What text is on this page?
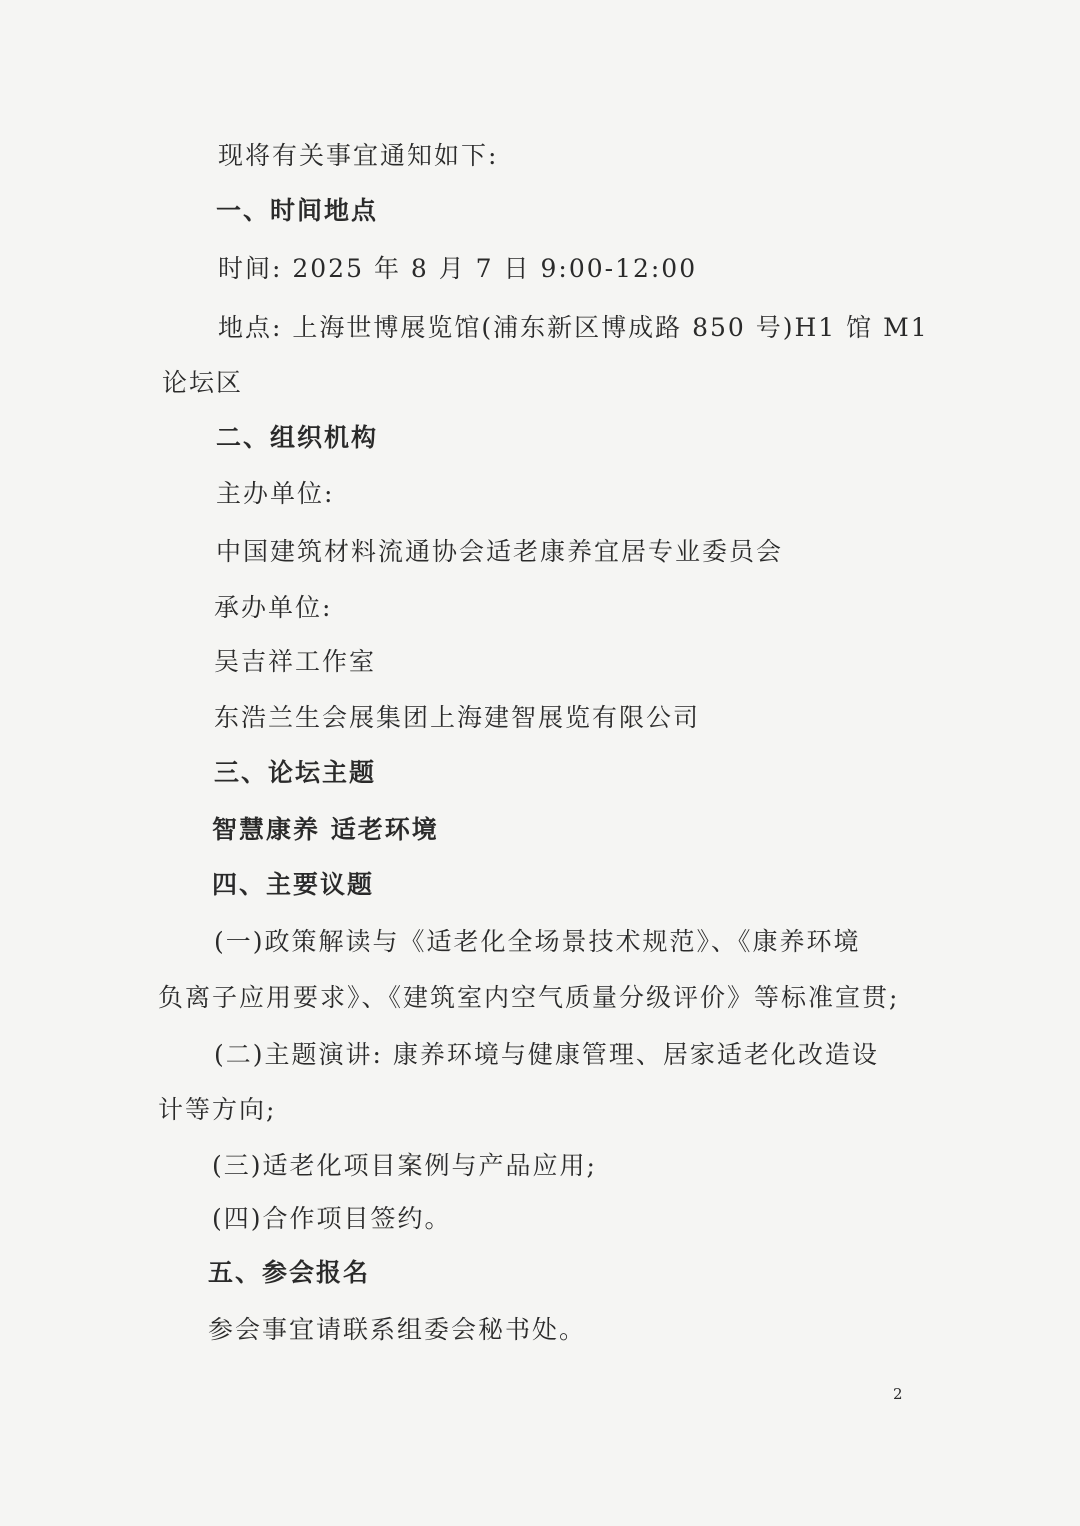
现将有关事宜通知如下:
一、时间地点
时间: 2025 年 8 月 7 日 9:00-12:00
地点: 上海世博展览馆(浦东新区博成路 850 号)H1 馆 M1
论坛区
二、组织机构
主办单位:
中国建筑材料流通协会适老康养宜居专业委员会
承办单位:
吴吉祥工作室
东浩兰生会展集团上海建智展览有限公司
三、论坛主题
智慧康养 适老环境
四、主要议题
(一)政策解读与《适老化全场景技术规范》、《康养环境
负离子应用要求》、《建筑室内空气质量分级评价》等标准宣贯;
(二)主题演讲: 康养环境与健康管理、居家适老化改造设
计等方向;
(三)适老化项目案例与产品应用;
(四)合作项目签约。
五、参会报名
参会事宜请联系组委会秘书处。
2
